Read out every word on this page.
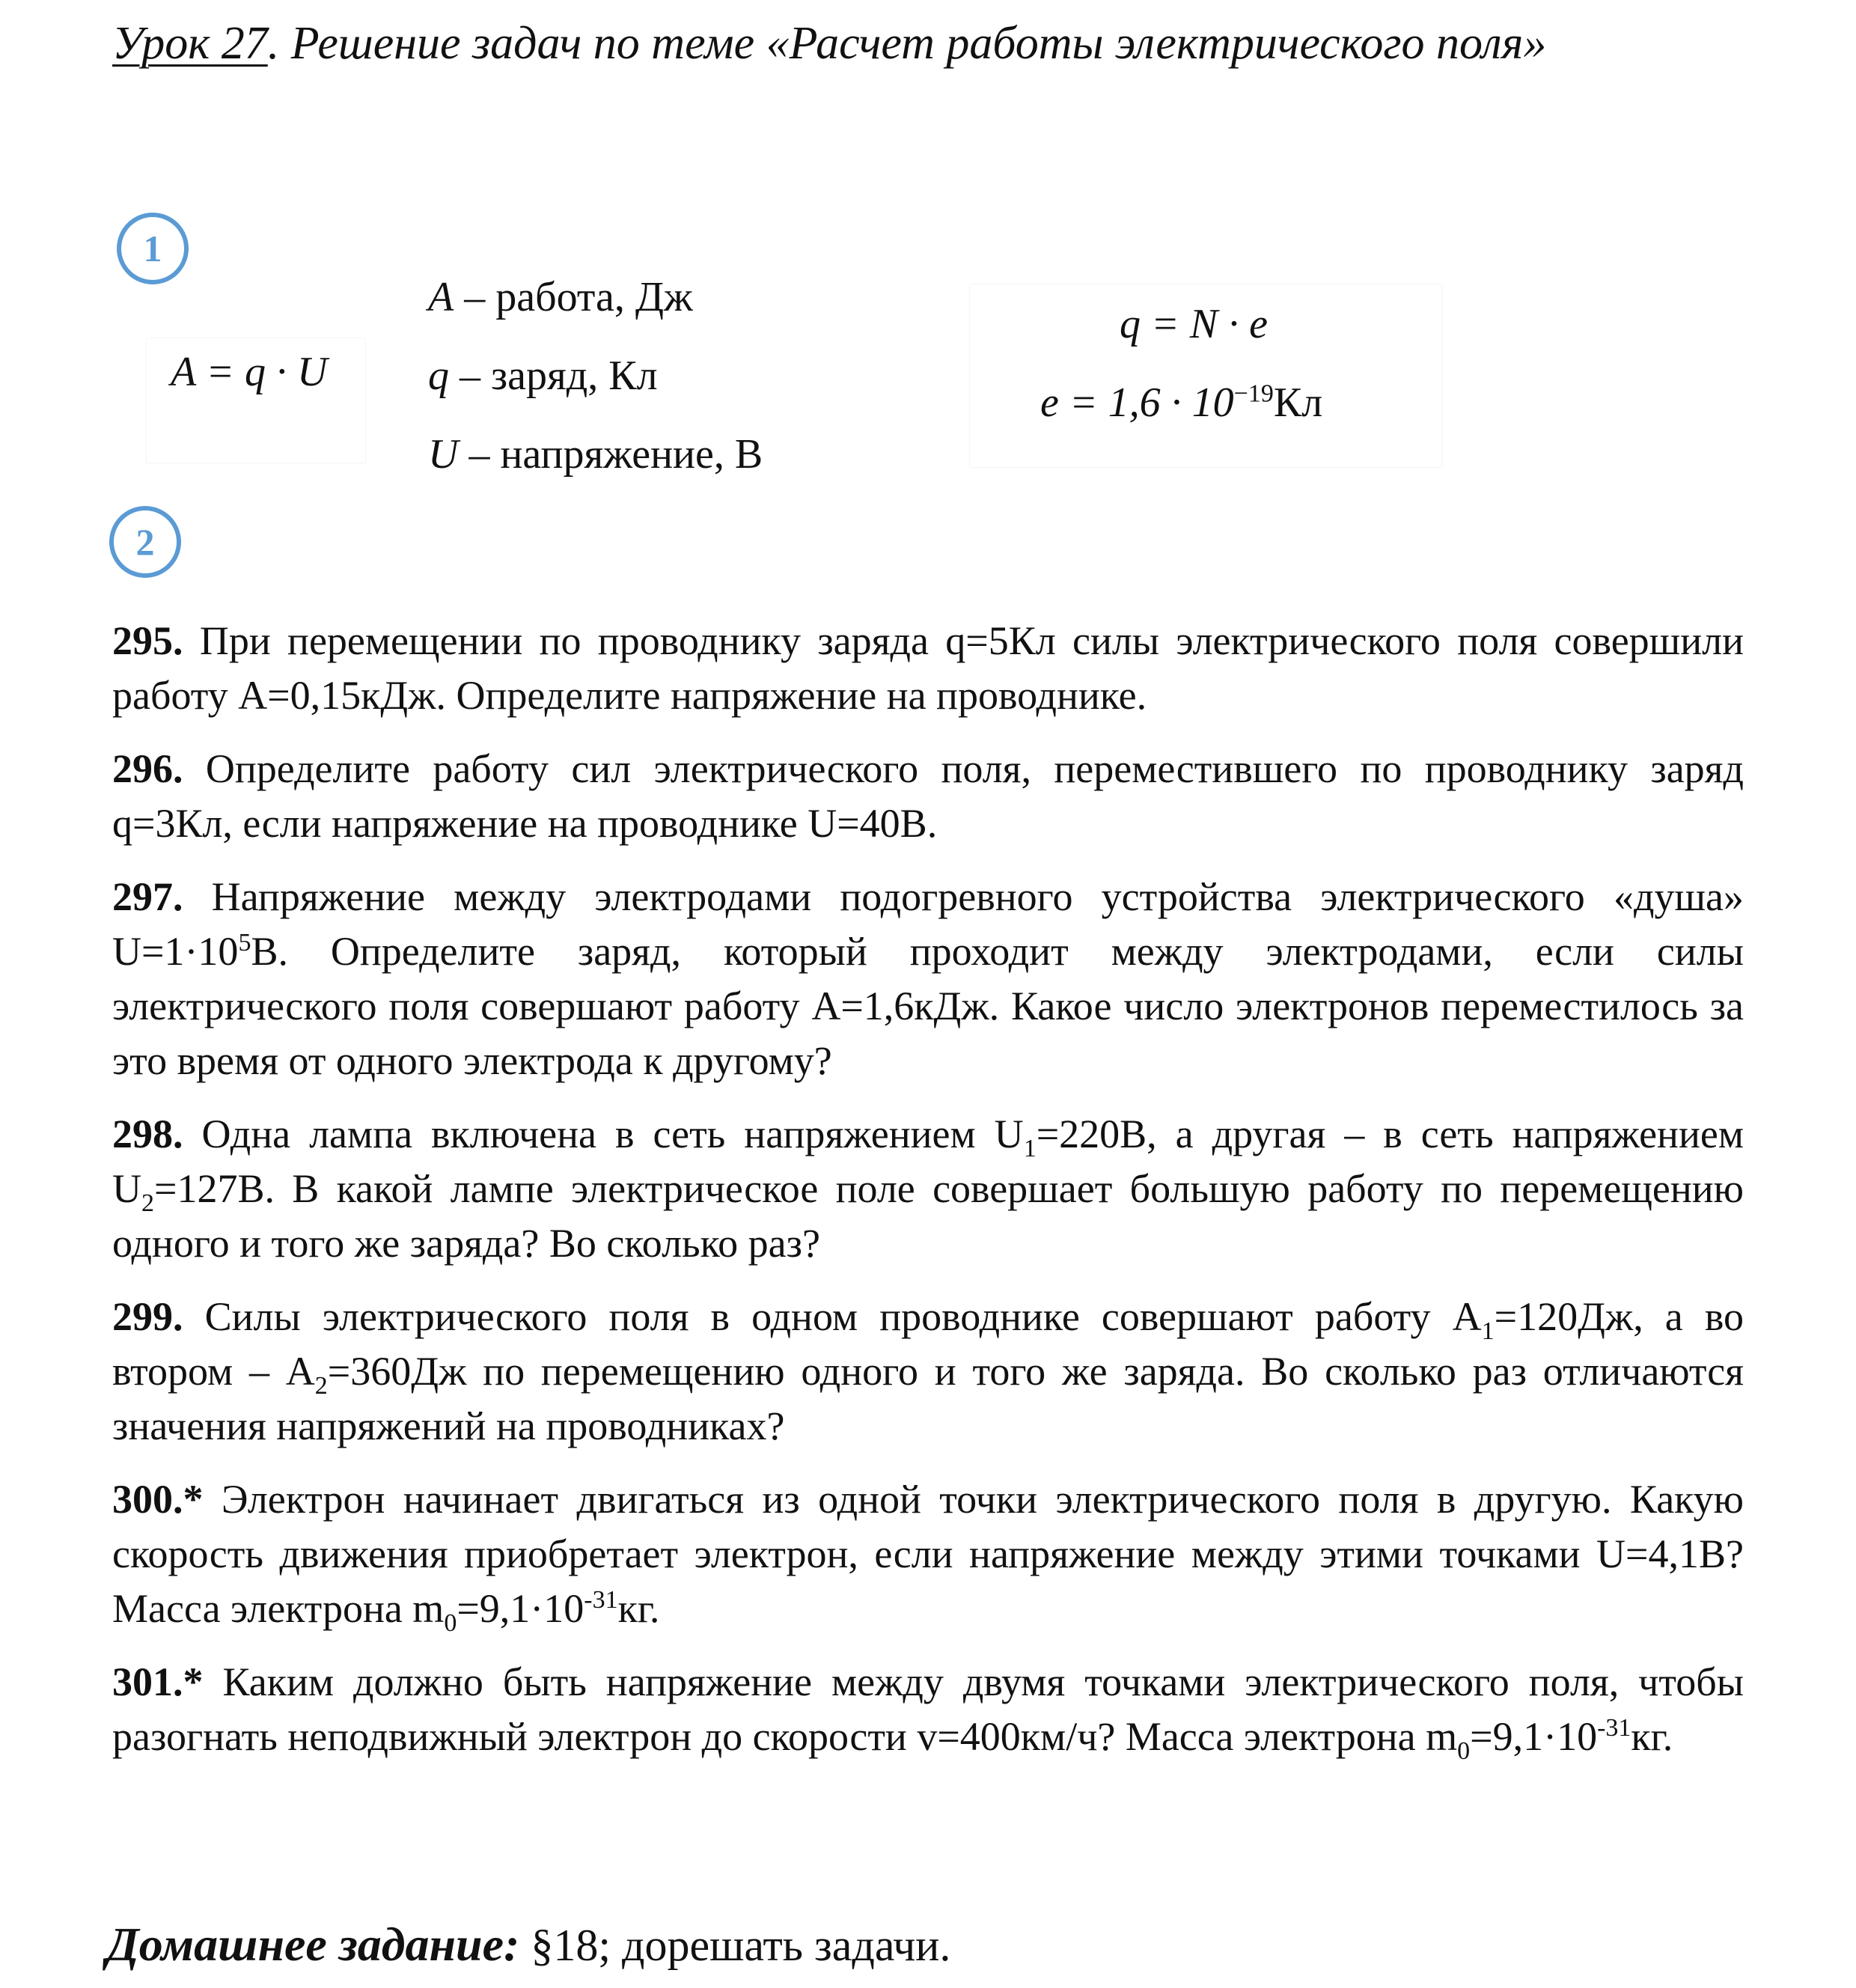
Урок 27. Решение задач по теме «Расчет работы электрического поля»
1
2
A = q · U
A – работа, Дж
q – заряд, Кл
U – напряжение, В
q = N · e
$e = 1,6 \cdot 10^{-19}Кл$

295. При перемещении по проводнику заряда q=5Кл силы электрического поля совершили работу A=0,15кДж. Определите напряжение на проводнике.

296. Определите работу сил электрического поля, переместившего по проводнику заряд q=3Кл, если напряжение на проводнике U=40В.

297. Напряжение между электродами подогревного устройства электрического «душа» $U=1\cdot 10^5В$. Определите заряд, который проходит между электродами, если силы электрического поля совершают работу A=1,6кДж. Какое число электронов переместилось за это время от одного электрода к другому?

298. Одна лампа включена в сеть напряжением $U_1=220В$, а другая – в сеть напряжением $U_2=127В$. В какой лампе электрическое поле совершает большую работу по перемещению одного и того же заряда? Во сколько раз?

299. Силы электрического поля в одном проводнике совершают работу $A_1=120Дж$, а во втором – $A_2=360Дж$ по перемещению одного и того же заряда. Во сколько раз отличаются значения напряжений на проводниках?

300.* Электрон начинает двигаться из одной точки электрического поля в другую. Какую скорость движения приобретает электрон, если напряжение между этими точками U=4,1В? Масса электрона $m_0=9,1\cdot 10^{-31}кг$.

301.* Каким должно быть напряжение между двумя точками электрического поля, чтобы разогнать неподвижный электрон до скорости v=400км/ч? Масса электрона $m_0=9,1\cdot 10^{-31}кг$.

Домашнее задание: §18; дорешать задачи.
